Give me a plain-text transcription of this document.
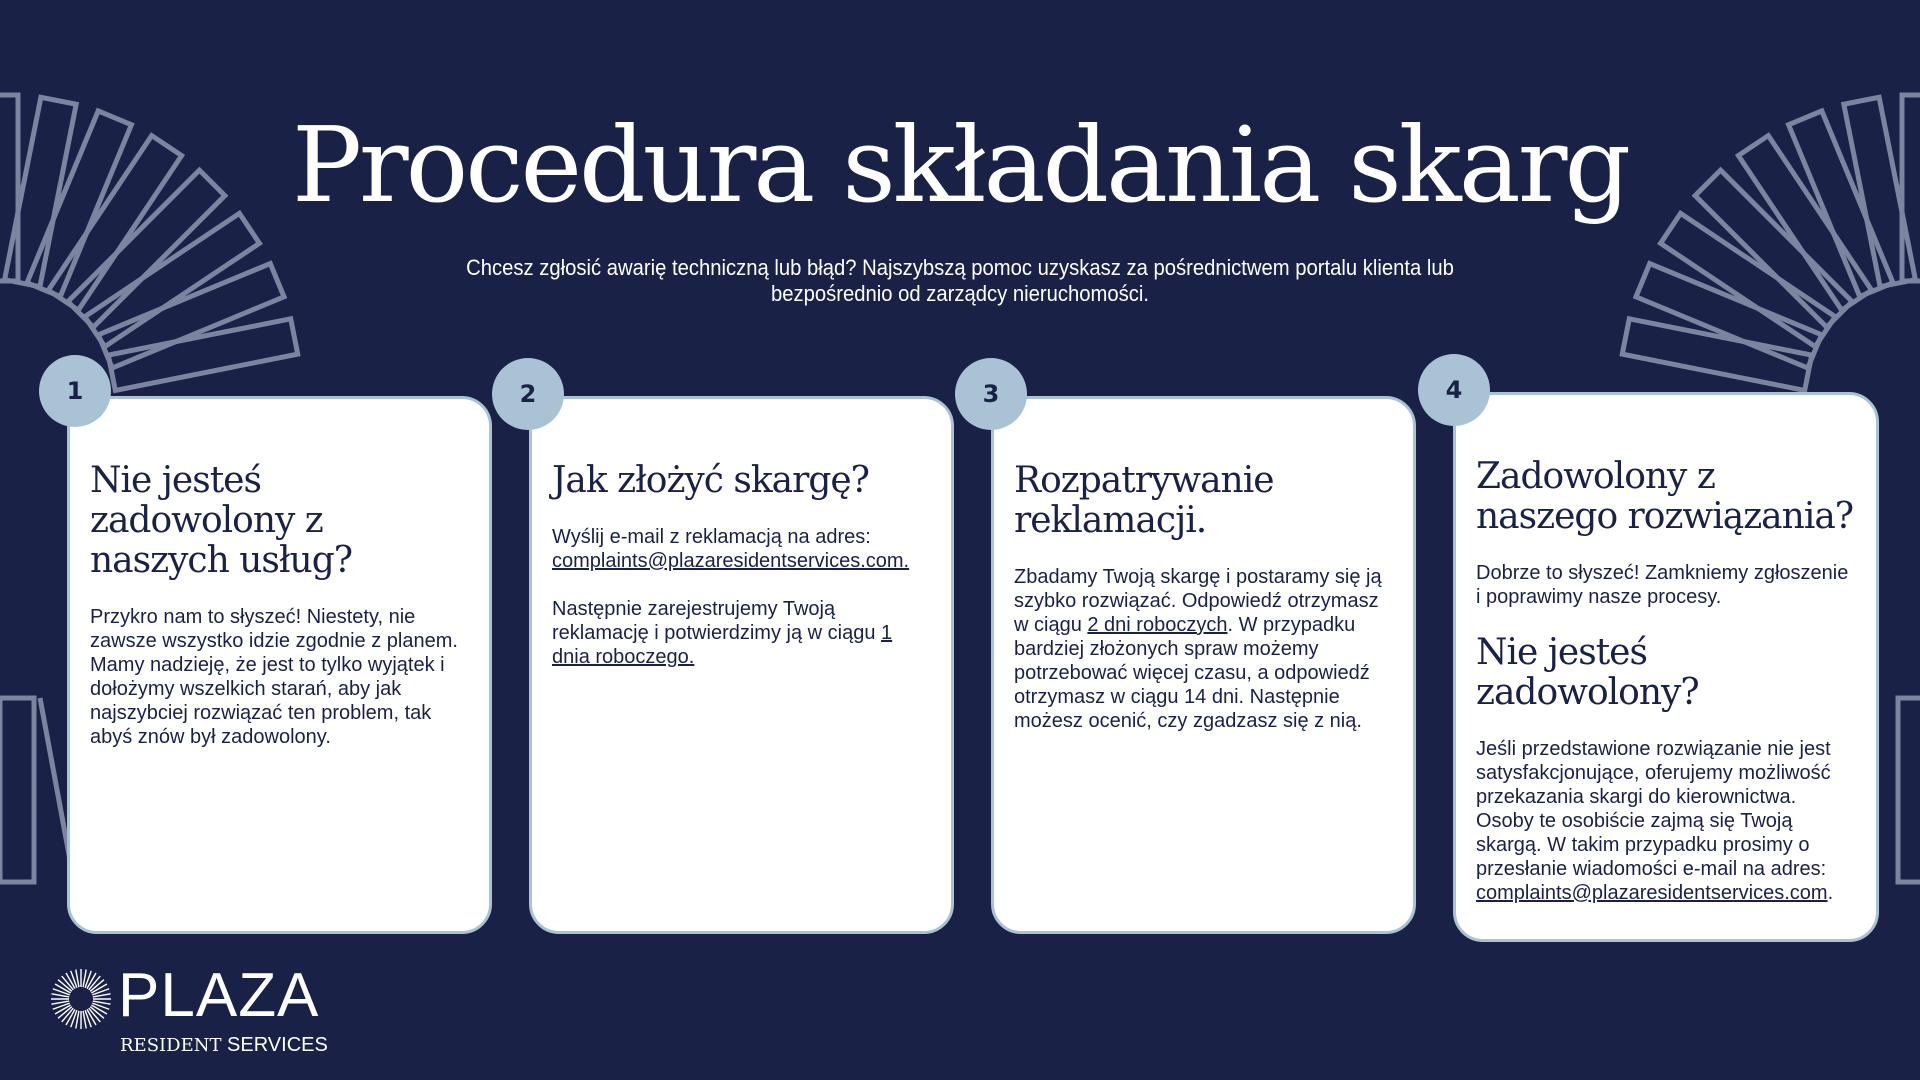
Procedura składania skarg

Chcesz zgłosić awarię techniczną lub błąd? Najszybszą pomoc uzyskasz za pośrednictwem portalu klienta lub bezpośrednio od zarządcy nieruchomości.

Nie jesteś zadowolony z naszych usług?

Przykro nam to słyszeć! Niestety, nie zawsze wszystko idzie zgodnie z planem. Mamy nadzieję, że jest to tylko wyjątek i dołożymy wszelkich starań, aby jak najszybciej rozwiązać ten problem, tak abyś znów był zadowolony.

1
Jak złożyć skargę?

Wyślij e-mail z reklamacją na adres: complaints@plazaresidentservices.com.

Następnie zarejestrujemy Twoją reklamację i potwierdzimy ją w ciągu 1 dnia roboczego.

2
Rozpatrywanie reklamacji.

Zbadamy Twoją skargę i postaramy się ją szybko rozwiązać. Odpowiedź otrzymasz w ciągu 2 dni roboczych. W przypadku bardziej złożonych spraw możemy potrzebować więcej czasu, a odpowiedź otrzymasz w ciągu 14 dni. Następnie możesz ocenić, czy zgadzasz się z nią.

3
Zadowolony z naszego rozwiązania?

Dobrze to słyszeć! Zamkniemy zgłoszenie i poprawimy nasze procesy.

Nie jesteś zadowolony?

Jeśli przedstawione rozwiązanie nie jest satysfakcjonujące, oferujemy możliwość przekazania skargi do kierownictwa. Osoby te osobiście zajmą się Twoją skargą. W takim przypadku prosimy o przesłanie wiadomości e-mail na adres: complaints@plazaresidentservices.com.

4
PLAZA
RESIDENT SERVICES
